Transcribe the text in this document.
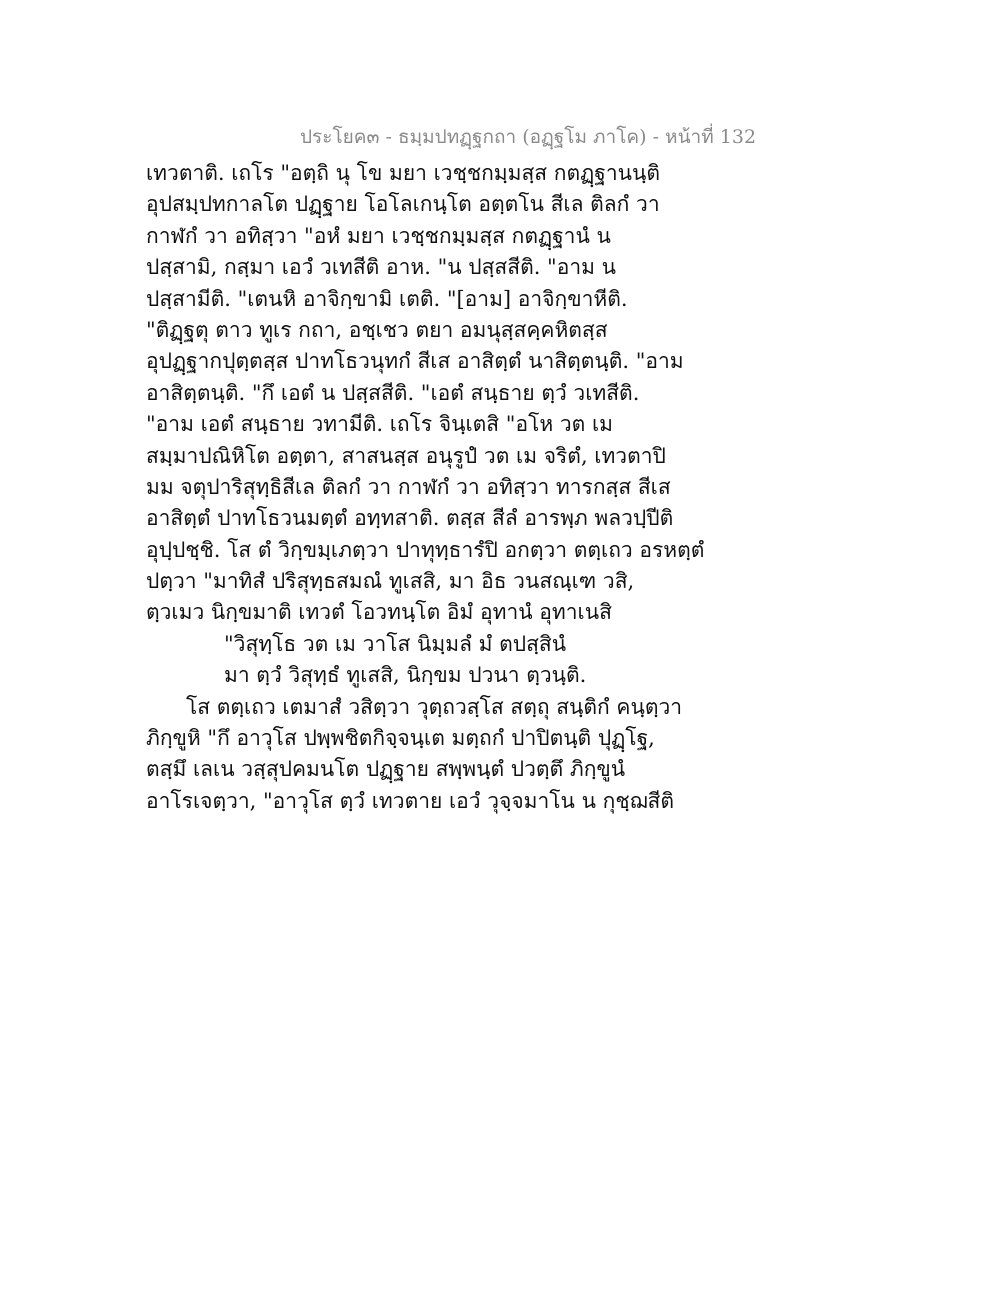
ประโยค๓ - ธมฺมปทฏฺฐกถา (อฏฺฐโม ภาโค) - หน้าที่ 132
เทวตาติ. เถโร "อตฺถิ นุ โข มยา เวชฺชกมฺมสฺส กตฏฺฐานนฺติ
อุปสมฺปทกาลโต ปฏฺฐาย โอโลเกนฺโต อตฺตโน สีเล ติลกํ วา
กาฬกํ วา อทิสฺวา "อหํ มยา เวชฺชกมฺมสฺส กตฏฺฐานํ น
ปสฺสามิ, กสฺมา เอวํ วเทสีติ อาห. "น ปสฺสสีติ. "อาม น
ปสฺสามีติ. "เตนหิ อาจิกฺขามิ เตติ. "[อาม] อาจิกฺขาหีติ.
"ติฏฺฐตุ ตาว ทูเร กถา, อชฺเชว ตยา อมนุสฺสคฺคหิตสฺส
อุปฏฺฐากปุตฺตสฺส ปาทโธวนุทกํ สีเส อาสิตฺตํ นาสิตฺตนฺติ. "อาม
อาสิตฺตนฺติ. "กึ เอตํ น ปสฺสสีติ. "เอตํ สนฺธาย ตฺวํ วเทสีติ.
"อาม เอตํ สนฺธาย วทามีติ. เถโร จินฺเตสิ "อโห วต เม
สมฺมาปณิหิโต อตฺตา, สาสนสฺส อนุรูปํ วต เม จริตํ, เทวตาปิ
มม จตุปาริสุทฺธิสีเล ติลกํ วา กาฬกํ วา อทิสฺวา ทารกสฺส สีเส
อาสิตฺตํ ปาทโธวนมตฺตํ อทฺทสาติ. ตสฺส สีลํ อารพฺภ พลวปฺปีติ
อุปฺปชฺชิ. โส ตํ วิกฺขมฺเภตฺวา ปาทุทฺธารํปิ อกตฺวา ตตฺเถว อรหตฺตํ
ปตฺวา "มาทิสํ ปริสุทฺธสมณํ ทูเสสิ, มา อิธ วนสณฺเฑ วสิ,
ตฺวเมว นิกฺขมาติ เทวตํ โอวทนฺโต อิมํ อุทานํ อุทาเนสิ
"วิสุทฺโธ วต เม วาโส นิมฺมลํ มํ ตปสฺสินํ
มา ตฺวํ วิสุทฺธํ ทูเสสิ, นิกฺขม ปวนา ตฺวนฺติ.
โส ตตฺเถว เตมาสํ วสิตฺวา วุตฺถวสฺโส สตฺถุ สนฺติกํ คนฺตฺวา
ภิกฺขูหิ "กึ อาวุโส ปพฺพชิตกิจฺจนฺเต มตฺถกํ ปาปิตนฺติ ปุฏฺโฐ,
ตสฺมึ เลเน วสฺสุปคมนโต ปฏฺฐาย สพฺพนฺตํ ปวตฺตึ ภิกฺขูนํ
อาโรเจตฺวา, "อาวุโส ตฺวํ เทวตาย เอวํ วุจฺจมาโน น กุชฺฌสีติ
